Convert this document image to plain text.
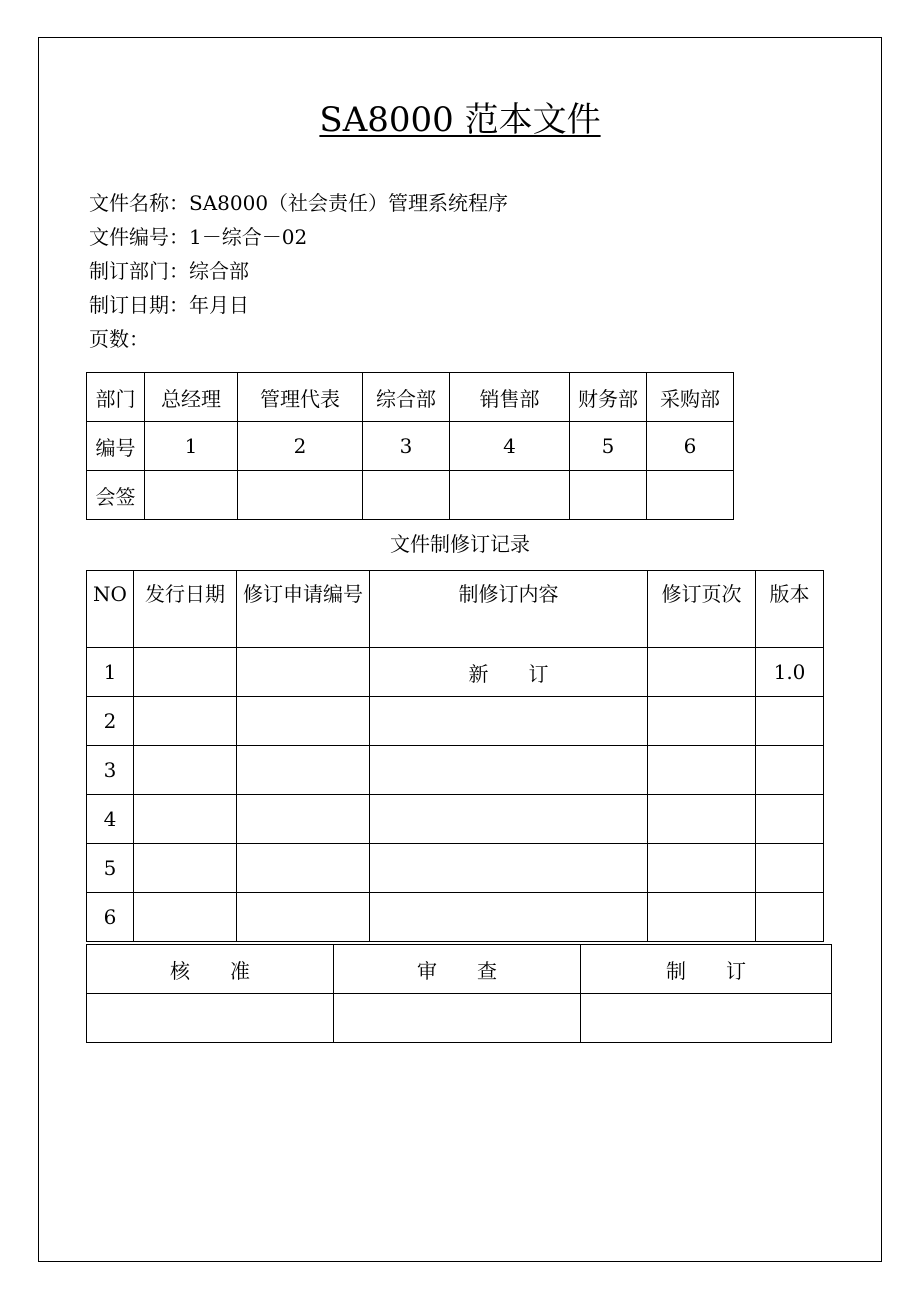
SA8000 范本文件
文件名称：SA8000（社会责任）管理系统程序
文件编号：1－综合－02
制订部门：综合部
制订日期：年月日
页数：
部门	总经理	管理代表	综合部	销售部	财务部	采购部
编号	1	2	3	4	5	6
会签						
文件制修订记录
NO	发行日期	修订申请编号	制修订内容	修订页次	版本
1			新　　订		1.0
2					
3					
4					
5					
6					
核　　准	审　　查	制　　订
